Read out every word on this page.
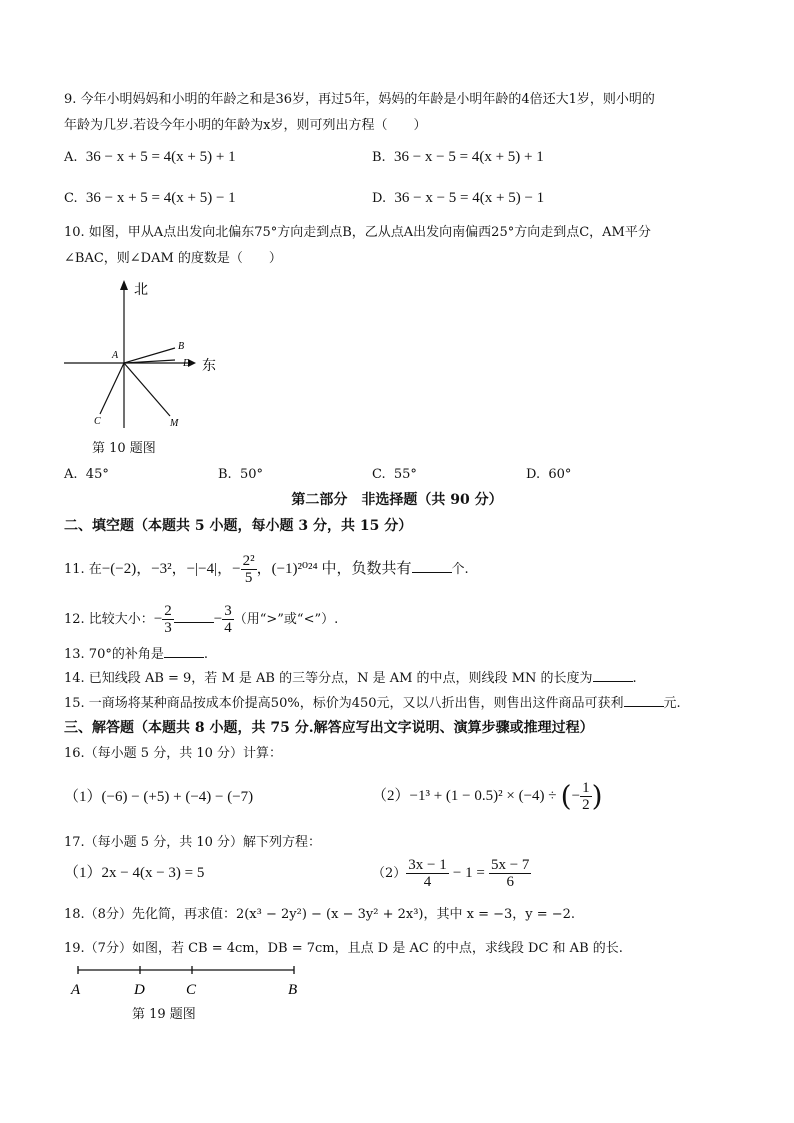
9. 今年小明妈妈和小明的年龄之和是36岁，再过5年，妈妈的年龄是小明年龄的4倍还大1岁，则小明的
年龄为几岁.若设今年小明的年龄为x岁，则可列出方程（　　）
A. 36 − x + 5 = 4(x + 5) + 1	B. 36 − x − 5 = 4(x + 5) + 1
C. 36 − x + 5 = 4(x + 5) − 1	D. 36 − x − 5 = 4(x + 5) − 1
10. 如图，甲从A点出发向北偏东75°方向走到点B，乙从点A出发向南偏西25°方向走到点C，AM平分
∠BAC，则∠DAM 的度数是（　　）
北
东
A
B
D
C	M
第 10 题图
A. 45°	B. 50°	C. 55°	D. 60°
第二部分　非选择题（共 90 分）
二、填空题（本题共 5 小题，每小题 3 分，共 15 分）
11. 在−(−2)，−3²，−|−4|，− $\frac{\text{2²}}{5}$ ，(−1)²⁰²⁴ 中，负数共有	个.
12. 比较大小：− $\frac{2}{3}$	− $\frac{3}{4}$ （用“>”或“<”）.
13. 70°的补角是	.
14. 已知线段 AB = 9，若 M 是 AB 的三等分点，N 是 AM 的中点，则线段 MN 的长度为	.
15. 一商场将某种商品按成本价提高50%，标价为450元，又以八折出售，则售出这件商品可获利	元.
三、解答题（本题共 8 小题，共 75 分.解答应写出文字说明、演算步骤或推理过程）
16.（每小题 5 分，共 10 分）计算：
（1）(−6) − (+5) + (−4) − (−7)	（2）−1³ + (1 − 0.5)² × (−4) ÷ (− $\frac{1}{2}$ )
17.（每小题 5 分，共 10 分）解下列方程：
（1）2x − 4(x − 3) = 5	$(2) \frac{3x - 1}{4} - 1 = \frac{5x - 7}{6}$
18.（8分）先化简，再求值：2(x³ − 2y²) − (x − 3y² + 2x³)，其中 x = −3，y = −2.
19.（7分）如图，若 CB = 4cm，DB = 7cm，且点 D 是 AC 的中点，求线段 DC 和 AB 的长.
A	D	C	B
第 19 题图
